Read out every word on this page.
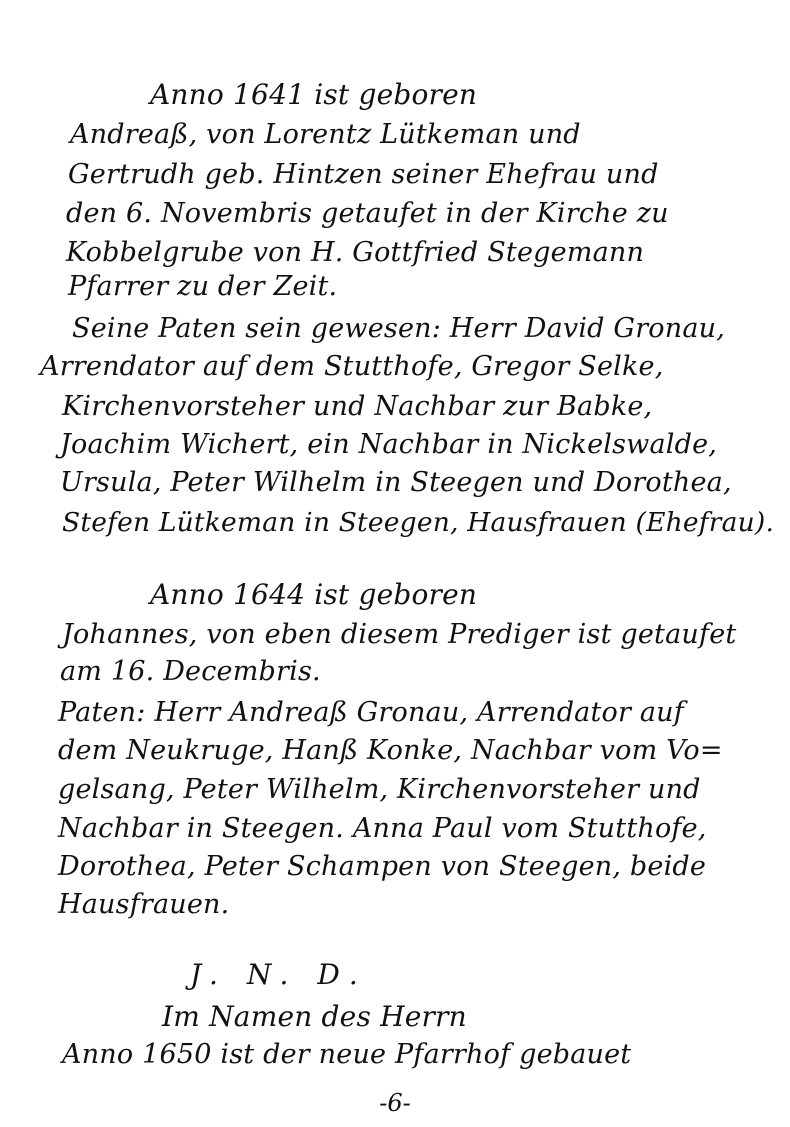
Anno 1641 ist geboren
Andreaß, von Lorentz Lütkeman und
Gertrudh geb. Hintzen seiner Ehefrau und
den 6. Novembris getaufet in der Kirche zu
Kobbelgrube von H. Gottfried Stegemann
Pfarrer zu der Zeit.
Seine Paten sein gewesen: Herr David Gronau,
Arrendator auf dem Stutthofe, Gregor Selke,
Kirchenvorsteher und Nachbar zur Babke,
Joachim Wichert, ein Nachbar in Nickelswalde,
Ursula, Peter Wilhelm in Steegen und Dorothea,
Stefen Lütkeman in Steegen, Hausfrauen (Ehefrau).
Anno 1644 ist geboren
Johannes, von eben diesem Prediger ist getaufet
am 16. Decembris.
Paten: Herr Andreaß Gronau, Arrendator auf
dem Neukruge, Hanß Konke, Nachbar vom Vo=
gelsang, Peter Wilhelm, Kirchenvorsteher und
Nachbar in Steegen. Anna Paul vom Stutthofe,
Dorothea, Peter Schampen von Steegen, beide
Hausfrauen.
J. N. D.
Im Namen des Herrn
Anno 1650 ist der neue Pfarrhof gebauet
-6-
